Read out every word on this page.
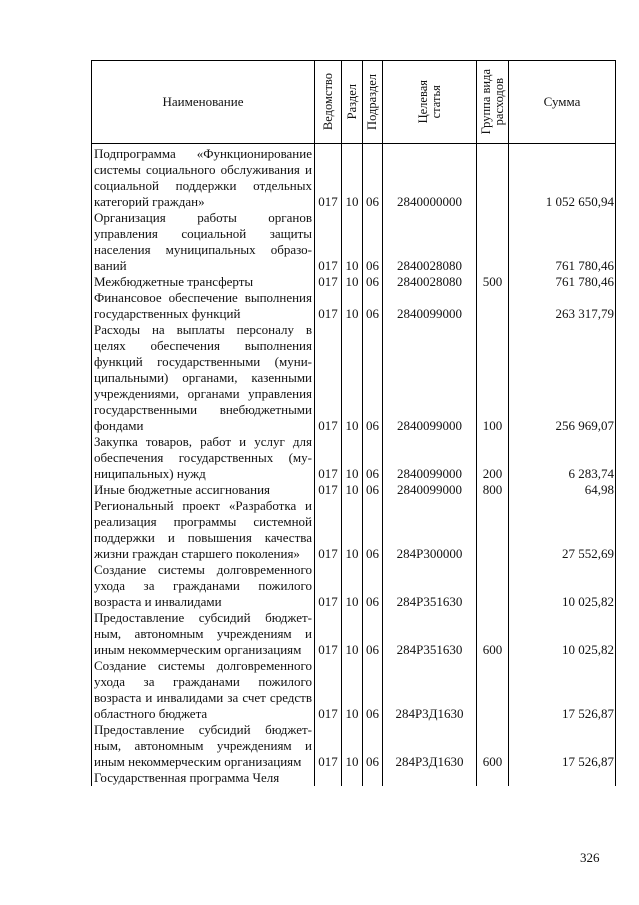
Наименование	Ведомство	Раздел	Подраздел	Целевая
статья	Группа вида
расходов	Сумма
Подпрограмма «Функционирование системы социального обслуживания и социальной поддержки отдельных категорий граждан»	017	10	06	2840000000		1 052 650,94
Организация работы органов управления социальной защиты населения муниципальных образований	017	10	06	2840028080		761 780,46
Межбюджетные трансферты	017	10	06	2840028080	500	761 780,46
Финансовое обеспечение выполнения государственных функций	017	10	06	2840099000		263 317,79
Расходы на выплаты персоналу в целях обеспечения выполнения функций государственными (муниципальными) органами, казенными учреждениями, органами управления государственными внебюджетными фондами	017	10	06	2840099000	100	256 969,07
Закупка товаров, работ и услуг для обеспечения государственных (муниципальных) нужд	017	10	06	2840099000	200	6 283,74
Иные бюджетные ассигнования	017	10	06	2840099000	800	64,98
Региональный проект «Разработка и реализация программы системной поддержки и повышения качества жизни граждан старшего поколения»	017	10	06	284P300000		27 552,69
Создание системы долговременного ухода за гражданами пожилого возраста и инвалидами	017	10	06	284P351630		10 025,82
Предоставление субсидий бюджетным, автономным учреждениям и иным некоммерческим организациям	017	10	06	284P351630	600	10 025,82
Создание системы долговременного ухода за гражданами пожилого возраста и инвалидами за счет средств областного бюджета	017	10	06	284P3Д1630		17 526,87
Предоставление субсидий бюджетным, автономным учреждениям и иным некоммерческим организациям	017	10	06	284P3Д1630	600	17 526,87
Государственная программа Челя						
326
